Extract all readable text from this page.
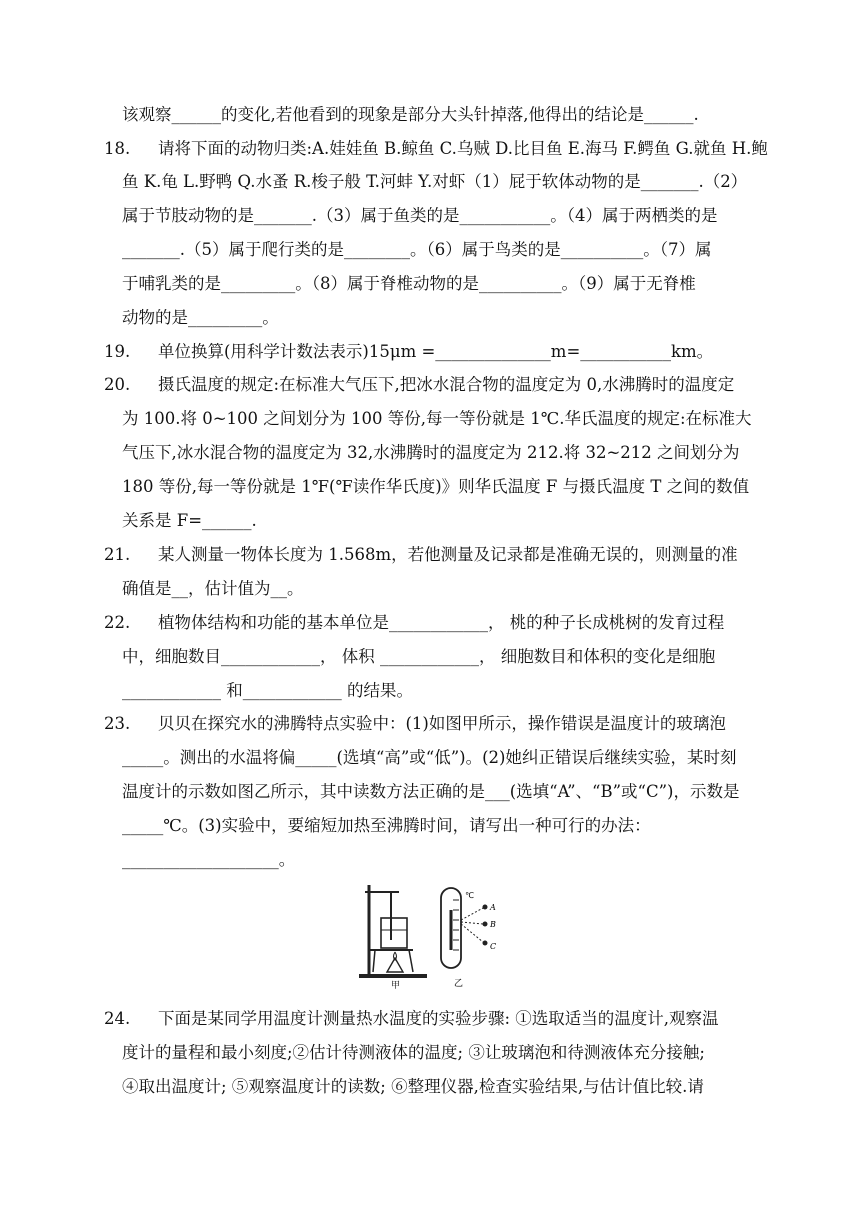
该观察______的变化,若他看到的现象是部分大头针掉落,他得出的结论是______.
18.	请将下面的动物归类:A.娃娃鱼 B.鲸鱼 C.乌贼 D.比目鱼 E.海马 F.鳄鱼 G.就鱼 H.鲍
鱼 K.龟 L.野鸭 Q.水蚤 R.梭子般 T.河蚌 Y.对虾（1）屁于软体动物的是_______.（2）
属于节肢动物的是_______.（3）属于鱼类的是___________。（4）属于两栖类的是
_______.（5）属于爬行类的是________。（6）属于鸟类的是__________。（7）属
于哺乳类的是_________。（8）属于脊椎动物的是__________。（9）属于无脊椎
动物的是_________。
19.	单位换算(用科学计数法表示)15μm =______________m=___________km。
20.	摄氏温度的规定:在标准大气压下,把冰水混合物的温度定为 0,水沸腾时的温度定
为 100.将 0~100 之间划分为 100 等份,每一等份就是 1℃.华氏温度的规定:在标准大
气压下,冰水混合物的温度定为 32,水沸腾时的温度定为 212.将 32~212 之间划分为
180 等份,每一等份就是 1℉(℉读作华氏度)》则华氏温度 F 与摄氏温度 T 之间的数值
关系是 F=______.
21.	某人测量一物体长度为 1.568m，若他测量及记录都是准确无误的，则测量的准
确值是__，估计值为__。
22.	植物体结构和功能的基本单位是____________， 桃的种子长成桃树的发育过程
中，细胞数目____________， 体积 ____________， 细胞数目和体积的变化是细胞
____________ 和____________ 的结果。
23.	贝贝在探究水的沸腾特点实验中：(1)如图甲所示，操作错误是温度计的玻璃泡
_____。测出的水温将偏_____(选填“高”或“低”)。(2)她纠正错误后继续实验，某时刻
温度计的示数如图乙所示，其中读数方法正确的是___(选填“A”、“B”或“C”)，示数是
_____℃。(3)实验中，要缩短加热至沸腾时间，请写出一种可行的办法：
___________________。
甲
℃
A
B
C
乙
24.	下面是某同学用温度计测量热水温度的实验步骤: ①选取适当的温度计,观察温
度计的量程和最小刻度;②估计待测液体的温度; ③让玻璃泡和待测液体充分接触;
④取出温度计; ⑤观察温度计的读数; ⑥整理仪器,检查实验结果,与估计值比较.请
